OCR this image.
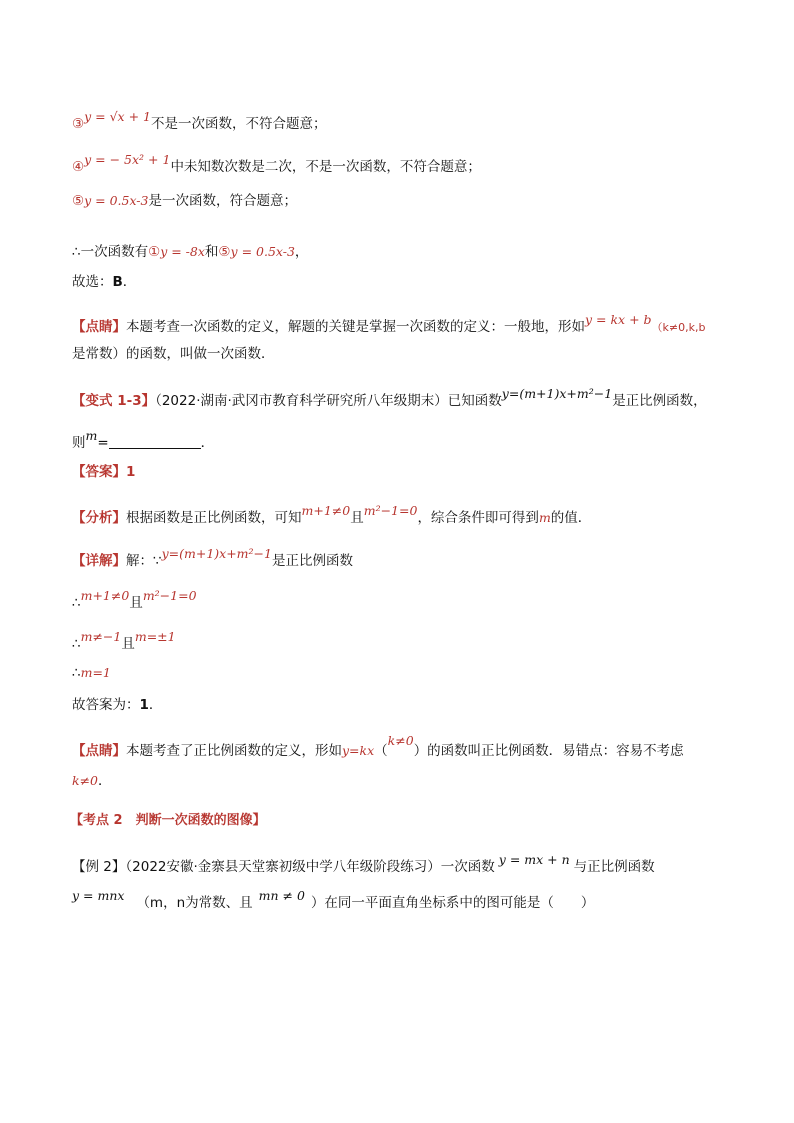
③y = √x + 1不是一次函数，不符合题意；
④y = − 5x² + 1中未知数次数是二次，不是一次函数，不符合题意；
⑤y = 0.5x-3是一次函数，符合题意；
∴一次函数有①y = -8x和⑤y = 0.5x-3，
故选：B．
【点睛】本题考查一次函数的定义，解题的关键是掌握一次函数的定义：一般地，形如y = kx + b（k≠0,k,b
是常数）的函数，叫做一次函数．
【变式 1-3】（2022·湖南·武冈市教育科学研究所八年级期末）已知函数y=(m+1)x+m²−1是正比例函数，
则m=	．
【答案】1
【分析】根据函数是正比例函数，可知m+1≠0且m²−1=0，综合条件即可得到m的值．
【详解】解：∵y=(m+1)x+m²−1是正比例函数
∴m+1≠0且m²−1=0
∴m≠−1且m=±1
∴m=1
故答案为：1．
【点睛】本题考查了正比例函数的定义，形如y=kx（k≠0）的函数叫正比例函数．易错点：容易不考虑
k≠0．
【考点 2　判断一次函数的图像】
【例 2】（2022安徽·金寨县天堂寨初级中学八年级阶段练习）一次函数 y = mx + n 与正比例函数
y = mnx （m，n为常数、且 mn ≠ 0 ）在同一平面直角坐标系中的图可能是（　　）
